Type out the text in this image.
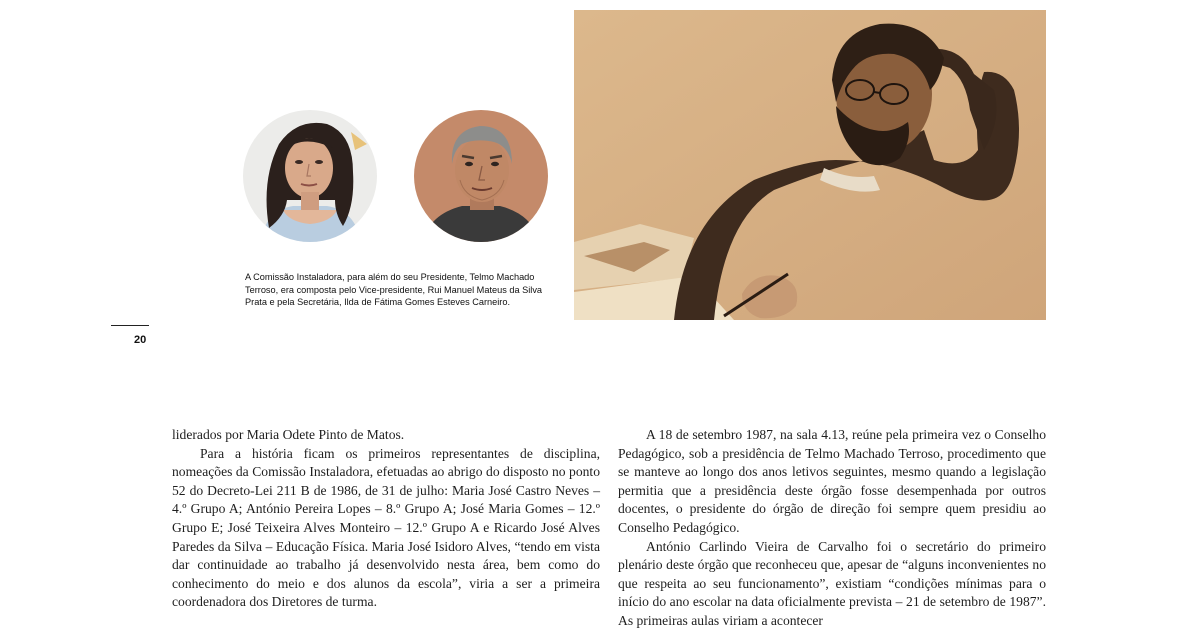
A Comissão Instaladora, para além do seu Presidente, Telmo Machado Terroso, era composta pelo Vice-presidente, Rui Manuel Mateus da Silva Prata e pela Secretária, Ilda de Fátima Gomes Esteves Carneiro.
20

liderados por Maria Odete Pinto de Matos.

Para a história ficam os primeiros representantes de disciplina, nomeações da Comissão Instaladora, efetuadas ao abrigo do disposto no ponto 52 do Decreto-Lei 211 B de 1986, de 31 de julho: Maria José Castro Neves – 4.º Grupo A; António Pereira Lopes – 8.º Grupo A; José Maria Gomes – 12.º Grupo E; José Teixeira Alves Monteiro – 12.º Grupo A e Ricardo José Alves Paredes da Silva – Educação Física. Maria José Isidoro Alves, “tendo em vista dar continuidade ao trabalho já desenvolvido nesta área, bem como do conhecimento do meio e dos alunos da escola”, viria a ser a primeira coordenadora dos Diretores de turma.

A 18 de setembro 1987, na sala 4.13, reúne pela primeira vez o Conselho Pedagógico, sob a presidência de Telmo Machado Terroso, procedimento que se manteve ao longo dos anos letivos seguintes, mesmo quando a legislação permitia que a presidência deste órgão fosse desempenhada por outros docentes, o presidente do órgão de direção foi sempre quem presidiu ao Conselho Pedagógico.

António Carlindo Vieira de Carvalho foi o secretário do primeiro plenário deste órgão que reconheceu que, apesar de “alguns inconvenientes no que respeita ao seu funcionamento”, existiam “condições mínimas para o início do ano escolar na data oficialmente prevista – 21 de setembro de 1987”. As primeiras aulas viriam a acontecer
